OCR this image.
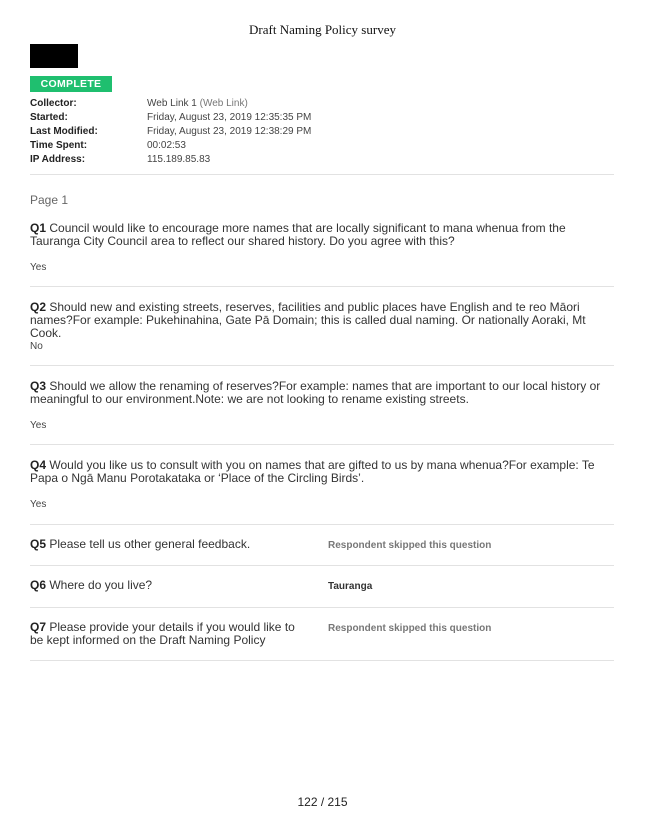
Draft Naming Policy survey
COMPLETE
Collector:	Web Link 1 (Web Link)
Started:	Friday, August 23, 2019 12:35:35 PM
Last Modified:	Friday, August 23, 2019 12:38:29 PM
Time Spent:	00:02:53
IP Address:	115.189.85.83
Page 1
Q1 Council would like to encourage more names that are locally significant to mana whenua from the Tauranga City Council area to reflect our shared history. Do you agree with this?
Yes
Q2 Should new and existing streets, reserves, facilities and public places have English and te reo Māori names?For example: Pukehinahina, Gate Pā Domain; this is called dual naming. Or nationally Aoraki, Mt Cook.
No
Q3 Should we allow the renaming of reserves?For example: names that are important to our local history or meaningful to our environment.Note: we are not looking to rename existing streets.
Yes
Q4 Would you like us to consult with you on names that are gifted to us by mana whenua?For example: Te Papa o Ngā Manu Porotakataka or ‘Place of the Circling Birds’.
Yes
Q5 Please tell us other general feedback.	Respondent skipped this question
Q6 Where do you live?	Tauranga
Q7 Please provide your details if you would like to be kept informed on the Draft Naming Policy
Respondent skipped this question
122 / 215
